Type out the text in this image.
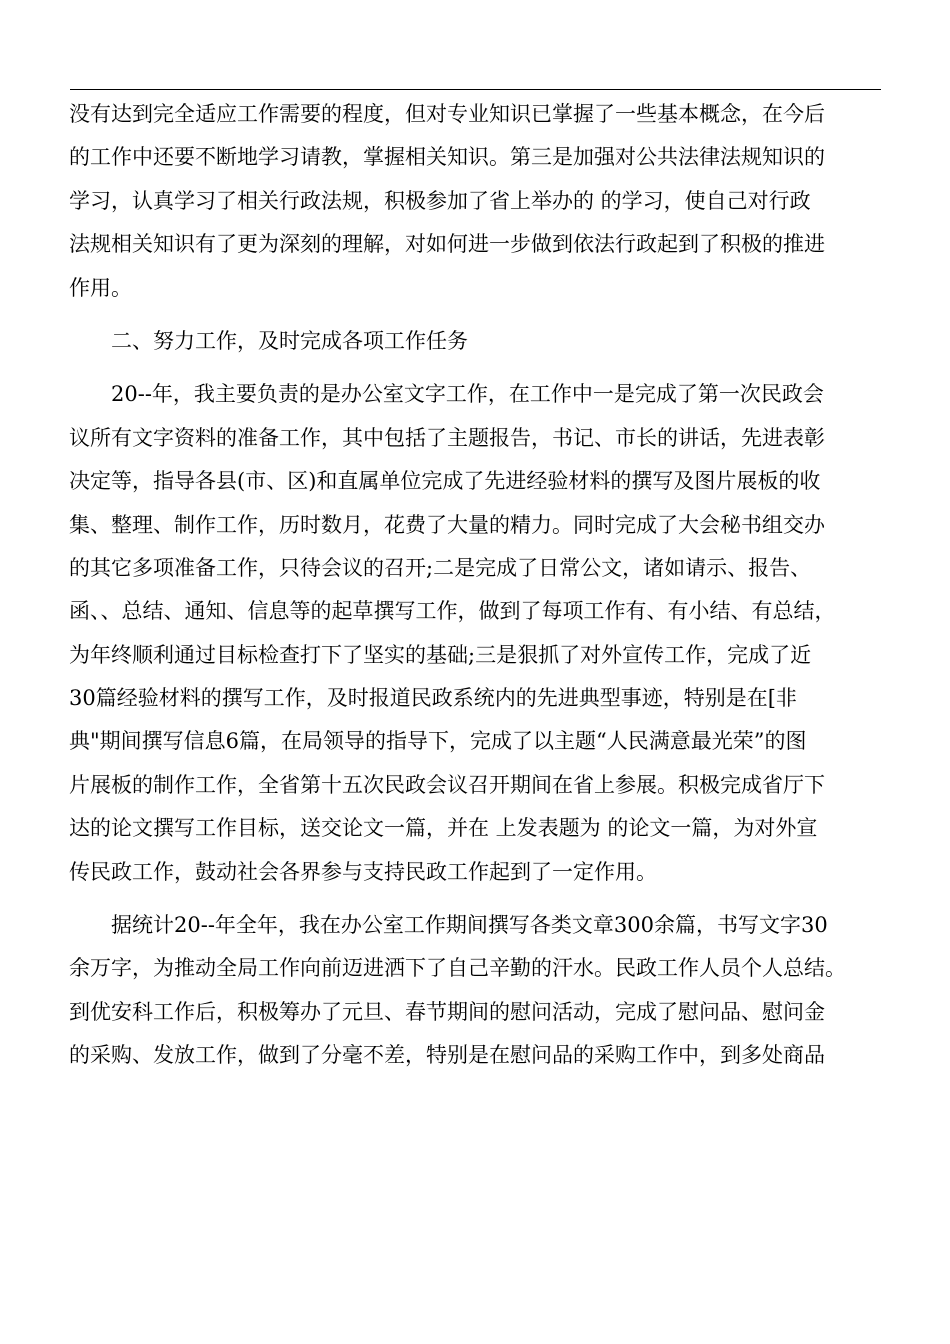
没有达到完全适应工作需要的程度，但对专业知识已掌握了一些基本概念，在今后
的工作中还要不断地学习请教，掌握相关知识。第三是加强对公共法律法规知识的
学习，认真学习了相关行政法规，积极参加了省上举办的 的学习，使自己对行政
法规相关知识有了更为深刻的理解，对如何进一步做到依法行政起到了积极的推进
作用。
　　二、努力工作，及时完成各项工作任务
　　20--年，我主要负责的是办公室文字工作，在工作中一是完成了第一次民政会
议所有文字资料的准备工作，其中包括了主题报告，书记、市长的讲话，先进表彰
决定等，指导各县(市、区)和直属单位完成了先进经验材料的撰写及图片展板的收
集、整理、制作工作，历时数月，花费了大量的精力。同时完成了大会秘书组交办
的其它多项准备工作，只待会议的召开;二是完成了日常公文，诸如请示、报告、
函、、总结、通知、信息等的起草撰写工作，做到了每项工作有、有小结、有总结，
为年终顺利通过目标检查打下了坚实的基础;三是狠抓了对外宣传工作，完成了近
30篇经验材料的撰写工作，及时报道民政系统内的先进典型事迹，特别是在[非
典"期间撰写信息6篇，在局领导的指导下，完成了以主题“人民满意最光荣”的图
片展板的制作工作，全省第十五次民政会议召开期间在省上参展。积极完成省厅下
达的论文撰写工作目标，送交论文一篇，并在 上发表题为 的论文一篇，为对外宣
传民政工作，鼓动社会各界参与支持民政工作起到了一定作用。
　　据统计20--年全年，我在办公室工作期间撰写各类文章300余篇，书写文字30
余万字，为推动全局工作向前迈进洒下了自己辛勤的汗水。民政工作人员个人总结。
到优安科工作后，积极筹办了元旦、春节期间的慰问活动，完成了慰问品、慰问金
的采购、发放工作，做到了分毫不差，特别是在慰问品的采购工作中，到多处商品
